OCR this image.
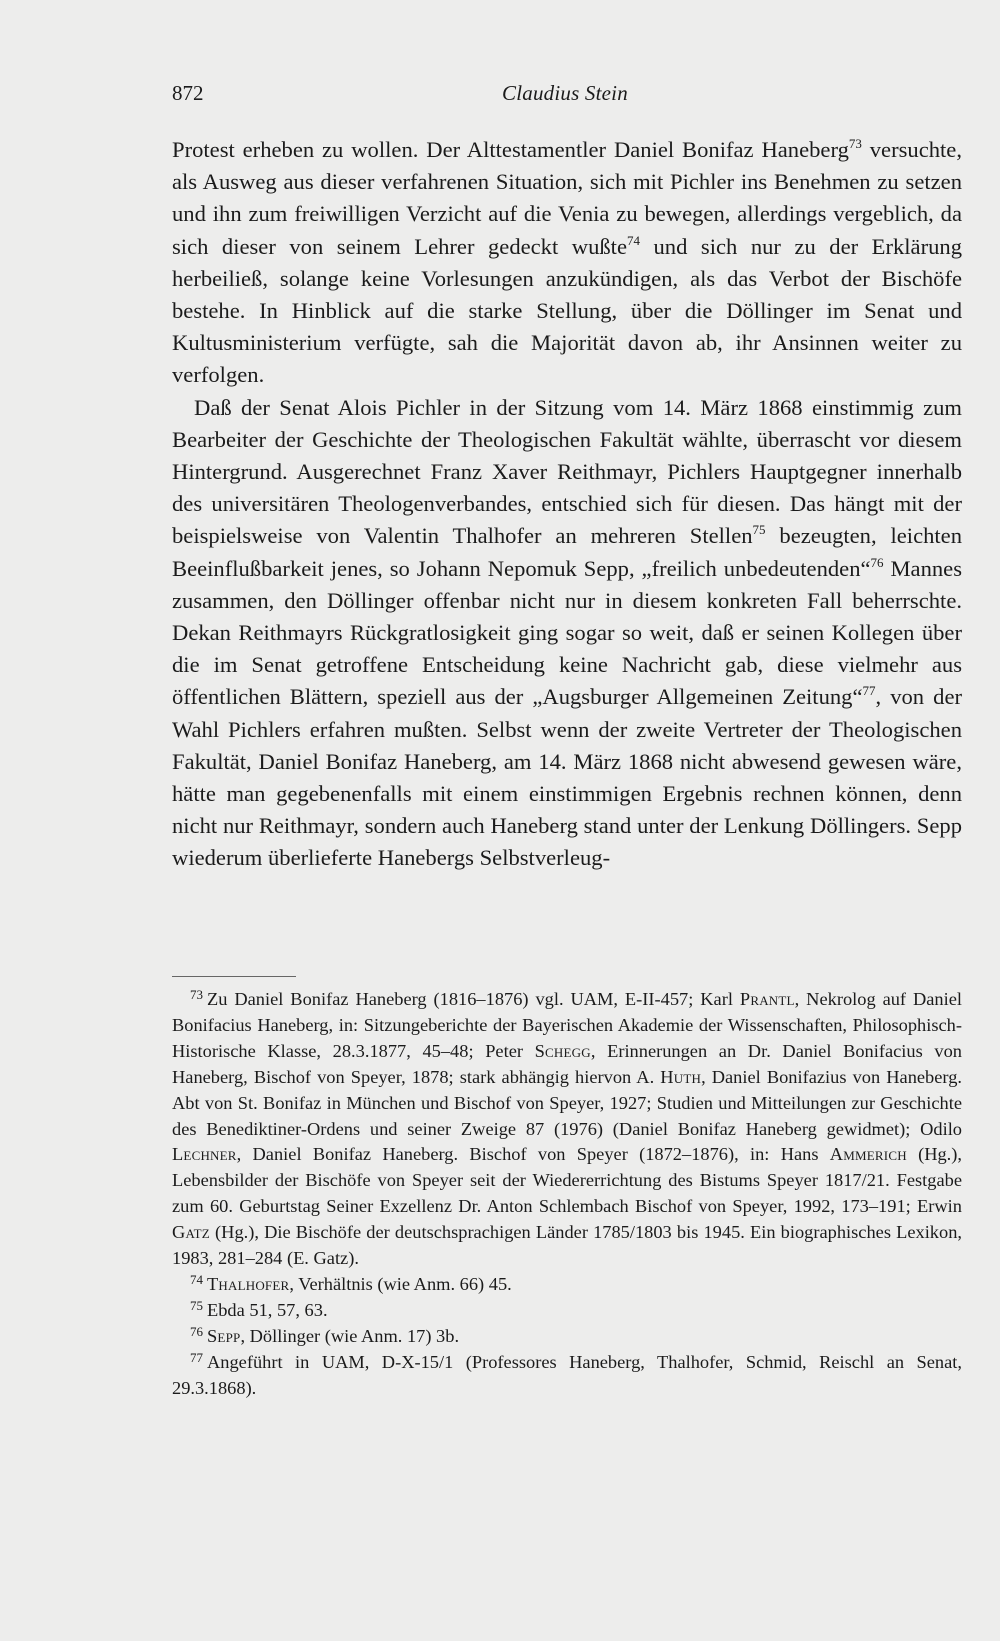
872	Claudius Stein

Protest erheben zu wollen. Der Alttestamentler Daniel Bonifaz Haneberg$^{73}$ versuchte, als Ausweg aus dieser verfahrenen Situation, sich mit Pichler ins Benehmen zu setzen und ihn zum freiwilligen Verzicht auf die Venia zu bewegen, allerdings vergeblich, da sich dieser von seinem Lehrer gedeckt wußte$^{74}$ und sich nur zu der Erklärung herbeiließ, solange keine Vorlesungen anzukündigen, als das Verbot der Bischöfe bestehe. In Hinblick auf die starke Stellung, über die Döllinger im Senat und Kultusministerium verfügte, sah die Majorität davon ab, ihr Ansinnen weiter zu verfolgen.

Daß der Senat Alois Pichler in der Sitzung vom 14. März 1868 einstimmig zum Bearbeiter der Geschichte der Theologischen Fakultät wählte, überrascht vor diesem Hintergrund. Ausgerechnet Franz Xaver Reithmayr, Pichlers Hauptgegner innerhalb des universitären Theologenverbandes, entschied sich für diesen. Das hängt mit der beispielsweise von Valentin Thalhofer an mehreren Stellen$^{75}$ bezeugten, leichten Beeinflußbarkeit jenes, so Johann Nepomuk Sepp, „freilich unbedeutenden“$^{76}$ Mannes zusammen, den Döllinger offenbar nicht nur in diesem konkreten Fall beherrschte. Dekan Reithmayrs Rückgratlosigkeit ging sogar so weit, daß er seinen Kollegen über die im Senat getroffene Entscheidung keine Nachricht gab, diese vielmehr aus öffentlichen Blättern, speziell aus der „Augsburger Allgemeinen Zeitung“$^{77}$, von der Wahl Pichlers erfahren mußten. Selbst wenn der zweite Vertreter der Theologischen Fakultät, Daniel Bonifaz Haneberg, am 14. März 1868 nicht abwesend gewesen wäre, hätte man gegebenenfalls mit einem einstimmigen Ergebnis rechnen können, denn nicht nur Reithmayr, sondern auch Haneberg stand unter der Lenkung Döllingers. Sepp wiederum überlieferte Hanebergs Selbstverleug-

$^{73}$ Zu Daniel Bonifaz Haneberg (1816–1876) vgl. UAM, E-II-457; Karl Prantl, Nekrolog auf Daniel Bonifacius Haneberg, in: Sitzungeberichte der Bayerischen Akademie der Wissenschaften, Philosophisch-Historische Klasse, 28.3.1877, 45–48; Peter Schegg, Erinnerungen an Dr. Daniel Bonifacius von Haneberg, Bischof von Speyer, 1878; stark abhängig hiervon A. Huth, Daniel Bonifazius von Haneberg. Abt von St. Bonifaz in München und Bischof von Speyer, 1927; Studien und Mitteilungen zur Geschichte des Benediktiner-Ordens und seiner Zweige 87 (1976) (Daniel Bonifaz Haneberg gewidmet); Odilo Lechner, Daniel Bonifaz Haneberg. Bischof von Speyer (1872–1876), in: Hans Ammerich (Hg.), Lebensbilder der Bischöfe von Speyer seit der Wiedererrichtung des Bistums Speyer 1817/21. Festgabe zum 60. Geburtstag Seiner Exzellenz Dr. Anton Schlembach Bischof von Speyer, 1992, 173–191; Erwin Gatz (Hg.), Die Bischöfe der deutschsprachigen Länder 1785/1803 bis 1945. Ein biographisches Lexikon, 1983, 281–284 (E. Gatz).

$^{74}$ Thalhofer, Verhältnis (wie Anm. 66) 45.

$^{75}$ Ebda 51, 57, 63.

$^{76}$ Sepp, Döllinger (wie Anm. 17) 3b.

$^{77}$ Angeführt in UAM, D-X-15/1 (Professores Haneberg, Thalhofer, Schmid, Reischl an Senat, 29.3.1868).
